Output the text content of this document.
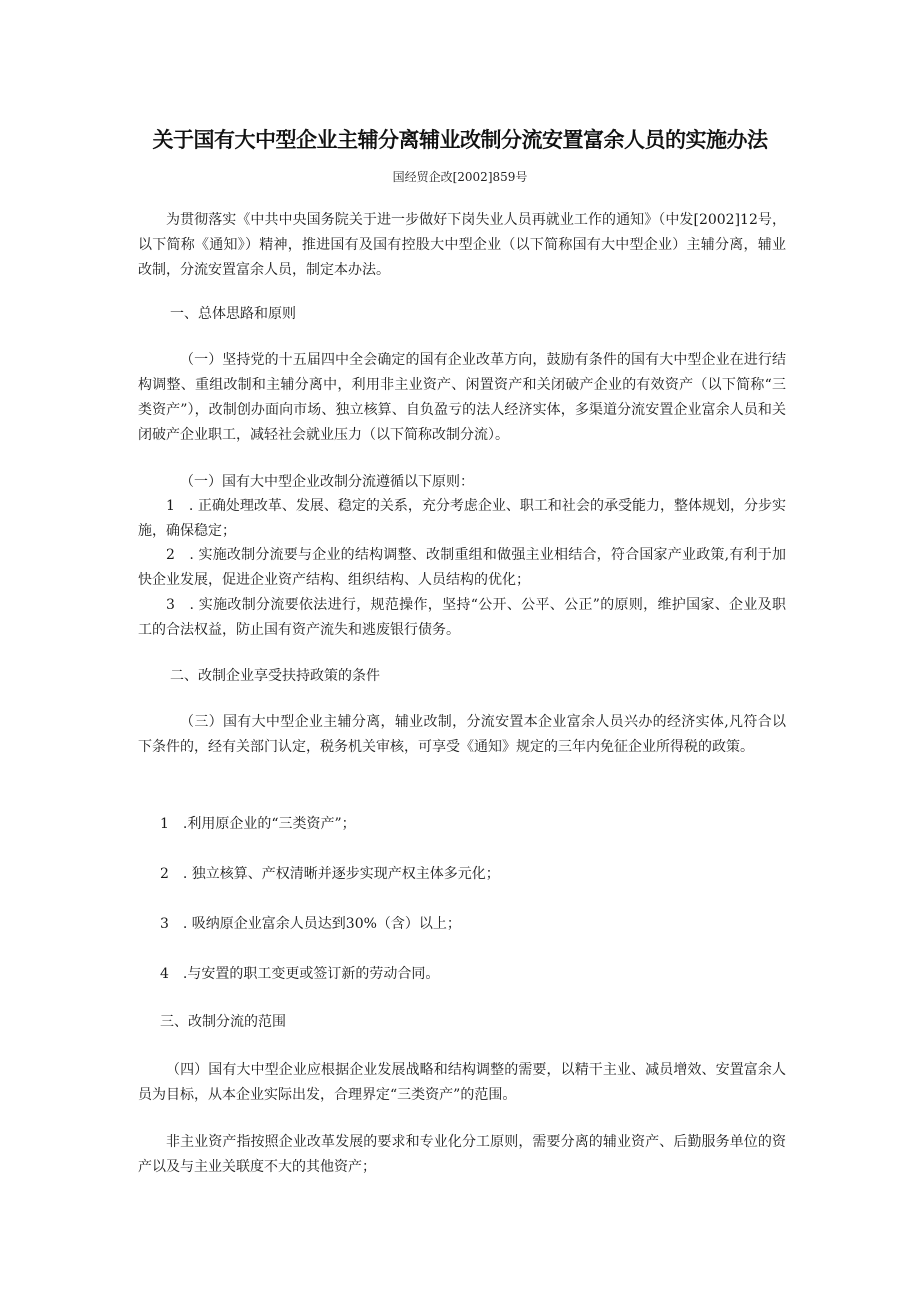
关于国有大中型企业主辅分离辅业改制分流安置富余人员的实施办法
国经贸企改[2002]859号

为贯彻落实《中共中央国务院关于进一步做好下岗失业人员再就业工作的通知》（中发[2002]12号，以下简称《通知》）精神，推进国有及国有控股大中型企业（以下简称国有大中型企业）主辅分离，辅业改制，分流安置富余人员，制定本办法。

一、总体思路和原则

（一）坚持党的十五届四中全会确定的国有企业改革方向，鼓励有条件的国有大中型企业在进行结构调整、重组改制和主辅分离中，利用非主业资产、闲置资产和关闭破产企业的有效资产（以下简称“三类资产”），改制创办面向市场、独立核算、自负盈亏的法人经济实体，多渠道分流安置企业富余人员和关闭破产企业职工，减轻社会就业压力（以下简称改制分流）。

（一）国有大中型企业改制分流遵循以下原则：

1　. 正确处理改革、发展、稳定的关系，充分考虑企业、职工和社会的承受能力，整体规划，分步实施，确保稳定；

2　. 实施改制分流要与企业的结构调整、改制重组和做强主业相结合，符合国家产业政策,有利于加快企业发展，促进企业资产结构、组织结构、人员结构的优化；

3　. 实施改制分流要依法进行，规范操作，坚持“公开、公平、公正”的原则，维护国家、企业及职工的合法权益，防止国有资产流失和逃废银行债务。

二、改制企业享受扶持政策的条件

（三）国有大中型企业主辅分离，辅业改制，分流安置本企业富余人员兴办的经济实体,凡符合以下条件的，经有关部门认定，税务机关审核，可享受《通知》规定的三年内免征企业所得税的政策。

1　.利用原企业的“三类资产”；

2　. 独立核算、产权清晰并逐步实现产权主体多元化；

3　. 吸纳原企业富余人员达到30%（含）以上；

4　.与安置的职工变更或签订新的劳动合同。

三、改制分流的范围

（四）国有大中型企业应根据企业发展战略和结构调整的需要，以精干主业、减员增效、安置富余人员为目标，从本企业实际出发，合理界定“三类资产”的范围。

非主业资产指按照企业改革发展的要求和专业化分工原则，需要分离的辅业资产、后勤服务单位的资产以及与主业关联度不大的其他资产；
